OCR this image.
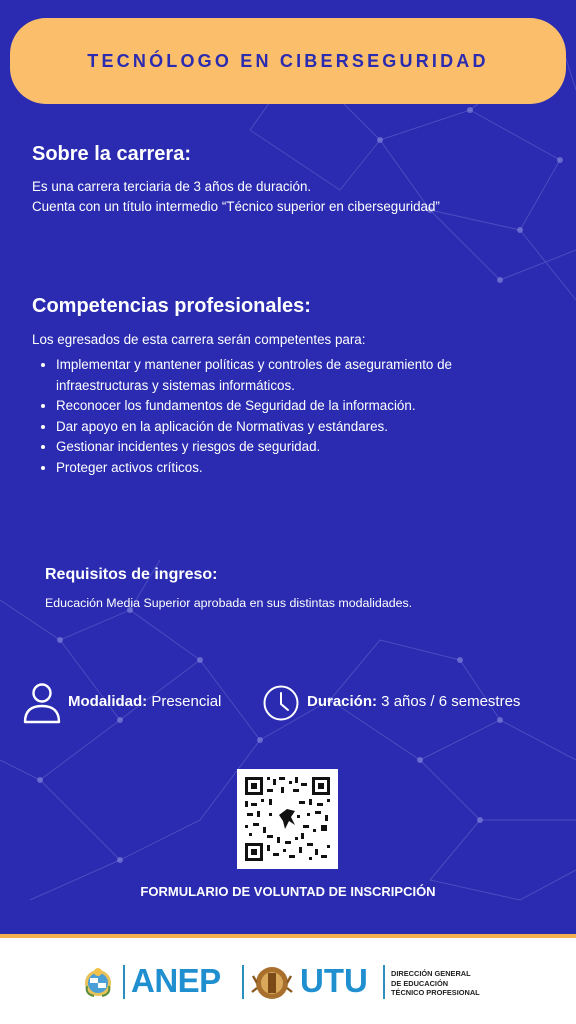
TECNÓLOGO EN CIBERSEGURIDAD
Sobre la carrera:
Es una carrera terciaria de 3 años de duración.
Cuenta con un título intermedio “Técnico superior en ciberseguridad”
Competencias profesionales:
Los egresados de esta carrera serán competentes para:
• Implementar y mantener políticas y controles de aseguramiento de infraestructuras y sistemas informáticos.
• Reconocer los fundamentos de Seguridad de la información.
• Dar apoyo en la aplicación de Normativas y estándares.
• Gestionar incidentes y riesgos de seguridad.
• Proteger activos críticos.
Requisitos de ingreso:
Educación Media Superior aprobada en sus distintas modalidades.
Modalidad: Presencial	Duración: 3 años / 6 semestres
FORMULARIO DE VOLUNTAD DE INSCRIPCIÓN
ANEP UTU	DIRECCIÓN GENERAL
DE EDUCACIÓN
TÉCNICO PROFESIONAL
